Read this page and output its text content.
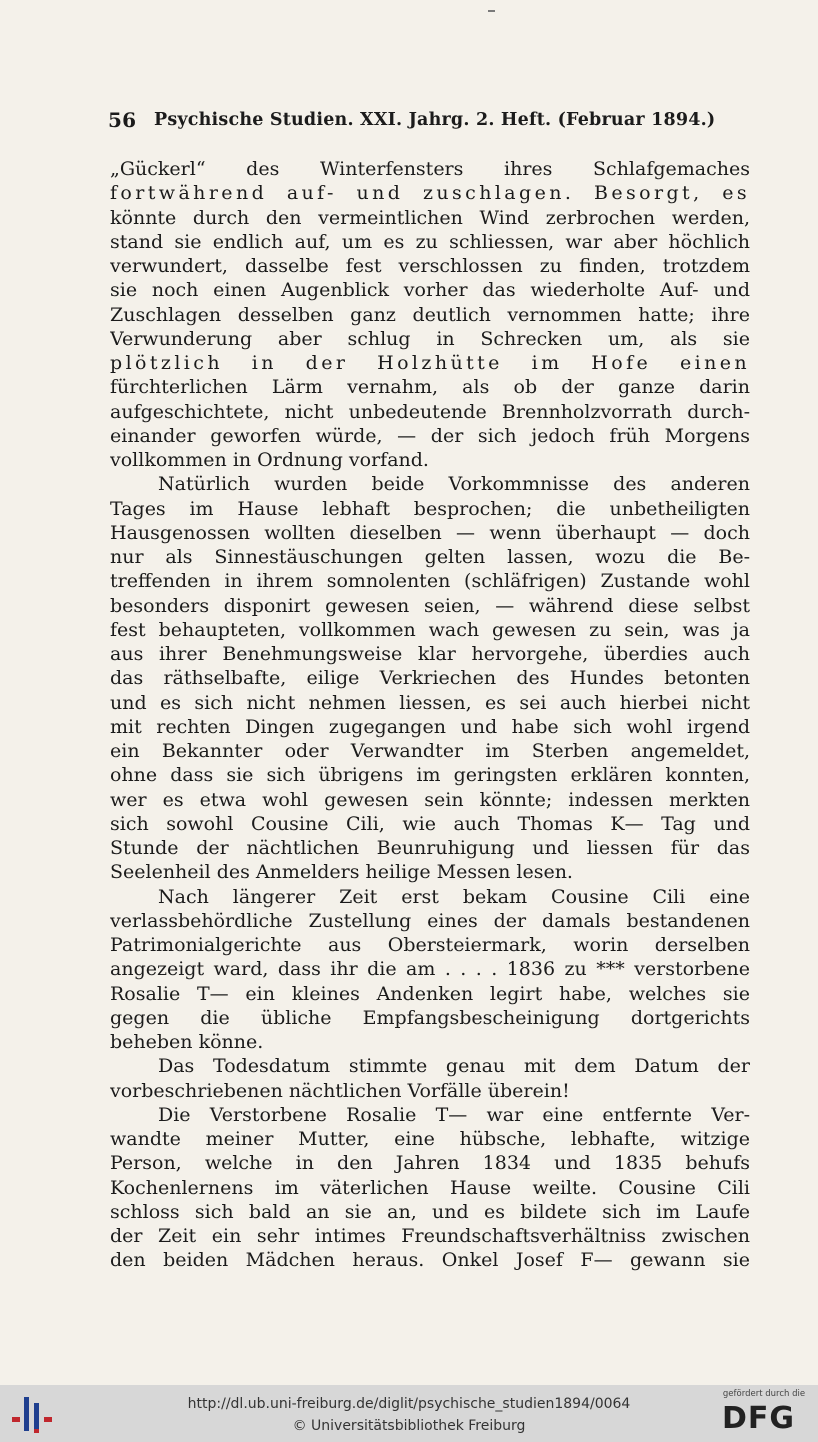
56 Psychische Studien. XXI. Jahrg. 2. Heft. (Februar 1894.)
„Gückerl“ des Winterfensters ihres Schlafgemaches
fortwährend auf- und zuschlagen. Besorgt, es
könnte durch den vermeintlichen Wind zerbrochen werden,
stand sie endlich auf, um es zu schliessen, war aber höchlich
verwundert, dasselbe fest verschlossen zu finden, trotzdem
sie noch einen Augenblick vorher das wiederholte Auf- und
Zuschlagen desselben ganz deutlich vernommen hatte; ihre
Verwunderung aber schlug in Schrecken um, als sie
plötzlich in der Holzhütte im Hofe einen
fürchterlichen Lärm vernahm, als ob der ganze darin
aufgeschichtete, nicht unbedeutende Brennholzvorrath durch-
einander geworfen würde, — der sich jedoch früh Morgens
vollkommen in Ordnung vorfand.
Natürlich wurden beide Vorkommnisse des anderen
Tages im Hause lebhaft besprochen; die unbetheiligten
Hausgenossen wollten dieselben — wenn überhaupt — doch
nur als Sinnestäuschungen gelten lassen, wozu die Be-
treffenden in ihrem somnolenten (schläfrigen) Zustande wohl
besonders disponirt gewesen seien, — während diese selbst
fest behaupteten, vollkommen wach gewesen zu sein, was ja
aus ihrer Benehmungsweise klar hervorgehe, überdies auch
das räthselbafte, eilige Verkriechen des Hundes betonten
und es sich nicht nehmen liessen, es sei auch hierbei nicht
mit rechten Dingen zugegangen und habe sich wohl irgend
ein Bekannter oder Verwandter im Sterben angemeldet,
ohne dass sie sich übrigens im geringsten erklären konnten,
wer es etwa wohl gewesen sein könnte; indessen merkten
sich sowohl Cousine Cili, wie auch Thomas K— Tag und
Stunde der nächtlichen Beunruhigung und liessen für das
Seelenheil des Anmelders heilige Messen lesen.
Nach längerer Zeit erst bekam Cousine Cili eine
verlassbehördliche Zustellung eines der damals bestandenen
Patrimonialgerichte aus Obersteiermark, worin derselben
angezeigt ward, dass ihr die am . . . . 1836 zu *** verstorbene
Rosalie T— ein kleines Andenken legirt habe, welches sie
gegen die übliche Empfangsbescheinigung dortgerichts
beheben könne.
Das Todesdatum stimmte genau mit dem Datum der
vorbeschriebenen nächtlichen Vorfälle überein!
Die Verstorbene Rosalie T— war eine entfernte Ver-
wandte meiner Mutter, eine hübsche, lebhafte, witzige
Person, welche in den Jahren 1834 und 1835 behufs
Kochenlernens im väterlichen Hause weilte. Cousine Cili
schloss sich bald an sie an, und es bildete sich im Laufe
der Zeit ein sehr intimes Freundschaftsverhältniss zwischen
den beiden Mädchen heraus. Onkel Josef F— gewann sie
http://dl.ub.uni-freiburg.de/diglit/psychische_studien1894/0064
© Universitätsbibliothek Freiburg
gefördert durch die
DFG
